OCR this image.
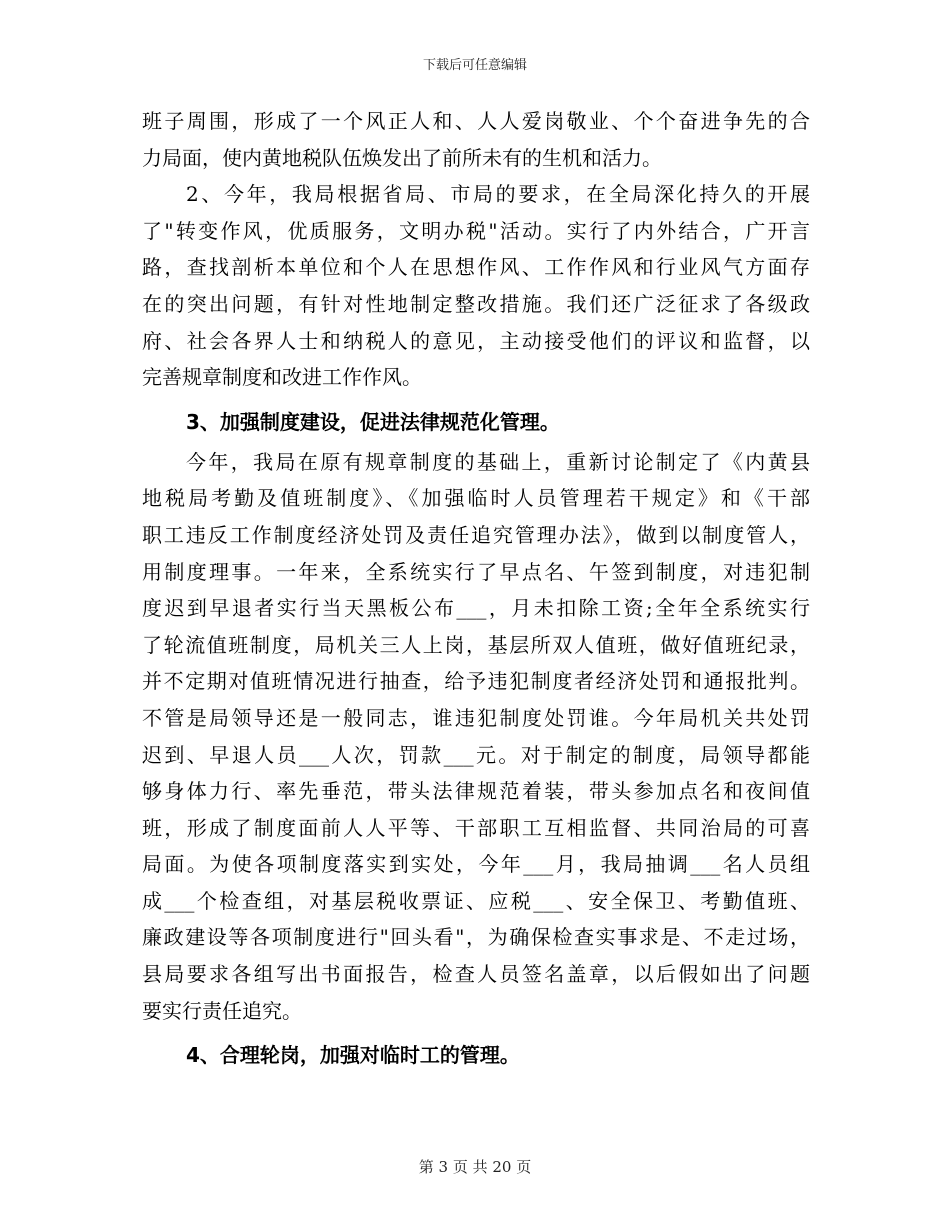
下载后可任意编辑
班子周围，形成了一个风正人和、人人爱岗敬业、个个奋进争先的合
力局面，使内黄地税队伍焕发出了前所未有的生机和活力。
2、今年，我局根据省局、市局的要求，在全局深化持久的开展
了"转变作风，优质服务，文明办税"活动。实行了内外结合，广开言
路，查找剖析本单位和个人在思想作风、工作作风和行业风气方面存
在的突出问题，有针对性地制定整改措施。我们还广泛征求了各级政
府、社会各界人士和纳税人的意见，主动接受他们的评议和监督，以
完善规章制度和改进工作作风。
3、加强制度建设，促进法律规范化管理。
今年，我局在原有规章制度的基础上，重新讨论制定了《内黄县
地税局考勤及值班制度》、《加强临时人员管理若干规定》和《干部
职工违反工作制度经济处罚及责任追究管理办法》，做到以制度管人，
用制度理事。一年来，全系统实行了早点名、午签到制度，对违犯制
度迟到早退者实行当天黑板公布___，月未扣除工资;全年全系统实行
了轮流值班制度，局机关三人上岗，基层所双人值班，做好值班纪录，
并不定期对值班情况进行抽查，给予违犯制度者经济处罚和通报批判。
不管是局领导还是一般同志，谁违犯制度处罚谁。今年局机关共处罚
迟到、早退人员___人次，罚款___元。对于制定的制度，局领导都能
够身体力行、率先垂范，带头法律规范着装，带头参加点名和夜间值
班，形成了制度面前人人平等、干部职工互相监督、共同治局的可喜
局面。为使各项制度落实到实处，今年___月，我局抽调___名人员组
成___个检查组，对基层税收票证、应税___、安全保卫、考勤值班、
廉政建设等各项制度进行"回头看"，为确保检查实事求是、不走过场，
县局要求各组写出书面报告，检查人员签名盖章，以后假如出了问题
要实行责任追究。
4、合理轮岗，加强对临时工的管理。
第 3 页 共 20 页
